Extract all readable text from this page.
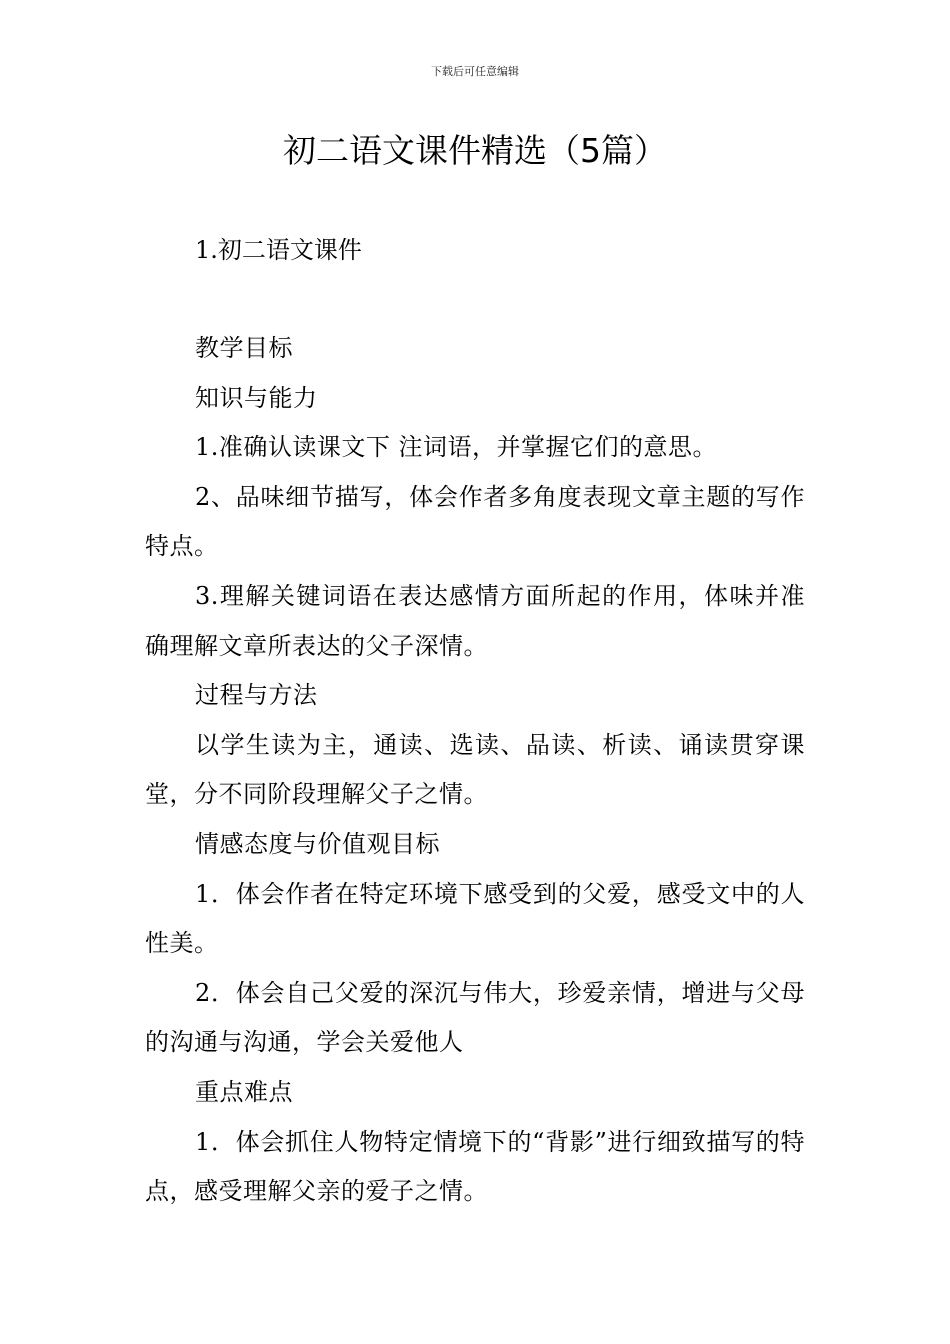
下载后可任意编辑
初二语文课件精选（5篇）
1.初二语文课件

教学目标

知识与能力

1.准确认读课文下 注词语，并掌握它们的意思。

2、品味细节描写，体会作者多角度表现文章主题的写作特点。

3.理解关键词语在表达感情方面所起的作用，体味并准确理解文章所表达的父子深情。

过程与方法

以学生读为主，通读、选读、品读、析读、诵读贯穿课堂，分不同阶段理解父子之情。

情感态度与价值观目标

1．体会作者在特定环境下感受到的父爱，感受文中的人性美。

2．体会自己父爱的深沉与伟大，珍爱亲情，增进与父母的沟通与沟通，学会关爱他人

重点难点

1．体会抓住人物特定情境下的“背影”进行细致描写的特点，感受理解父亲的爱子之情。
